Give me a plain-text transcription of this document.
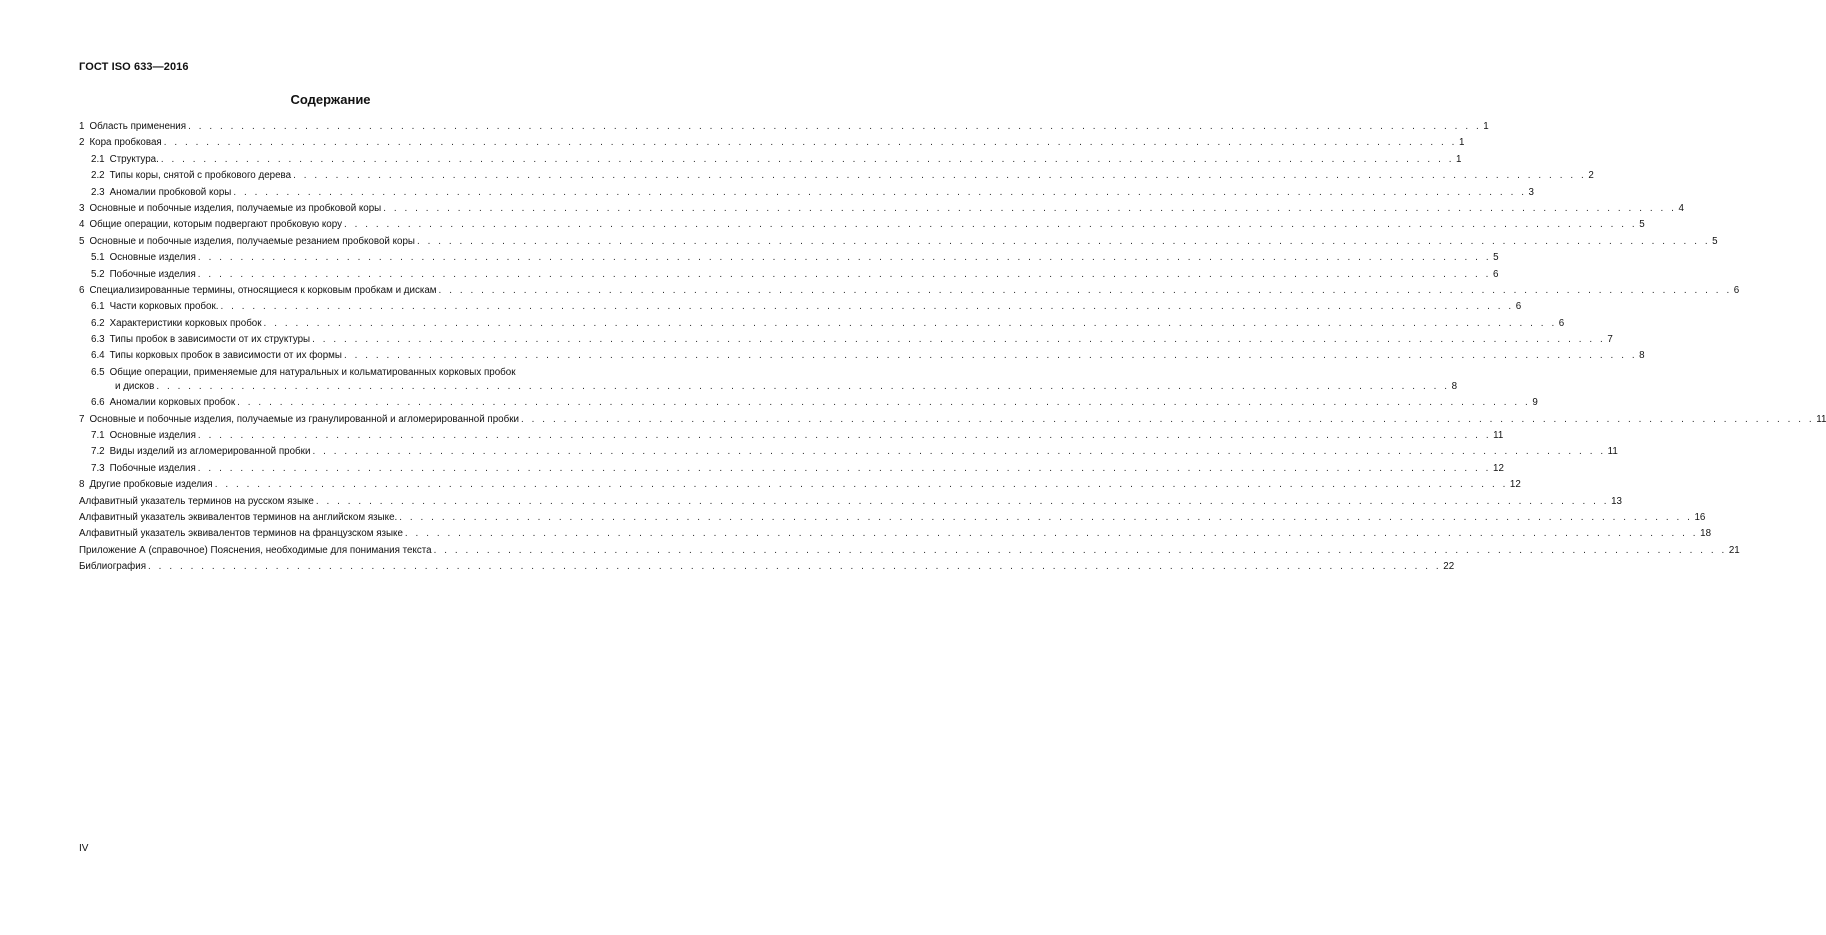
ГОСТ ISO 633—2016
Содержание
1 Область применения . . .	1
2 Кора пробковая . . .	1
2.1 Структура. . . .	1
2.2 Типы коры, снятой с пробкового дерева . . .	2
2.3 Аномалии пробковой коры . . .	3
3 Основные и побочные изделия, получаемые из пробковой коры . . .	4
4 Общие операции, которым подвергают пробковую кору . . .	5
5 Основные и побочные изделия, получаемые резанием пробковой коры . . .	5
5.1 Основные изделия . . .	5
5.2 Побочные изделия . . .	6
6 Специализированные термины, относящиеся к корковым пробкам и дискам . . .	6
6.1 Части корковых пробок. . . .	6
6.2 Характеристики корковых пробок . . .	6
6.3 Типы пробок в зависимости от их структуры . . .	7
6.4 Типы корковых пробок в зависимости от их формы . . .	8
6.5 Общие операции, применяемые для натуральных и кольматированных корковых пробок
и дисков . . .	8
6.6 Аномалии корковых пробок . . .	9
7 Основные и побочные изделия, получаемые из гранулированной и агломерированной пробки . . .	11
7.1 Основные изделия . . .	11
7.2 Виды изделий из агломерированной пробки . . .	11
7.3 Побочные изделия . . .	12
8 Другие пробковые изделия . . .	12
Алфавитный указатель терминов на русском языке . . .	13
Алфавитный указатель эквивалентов терминов на английском языке. . . .	16
Алфавитный указатель эквивалентов терминов на французском языке . . .	18
Приложение А (справочное) Пояснения, необходимые для понимания текста . . .	21
Библиография . . .	22
IV
